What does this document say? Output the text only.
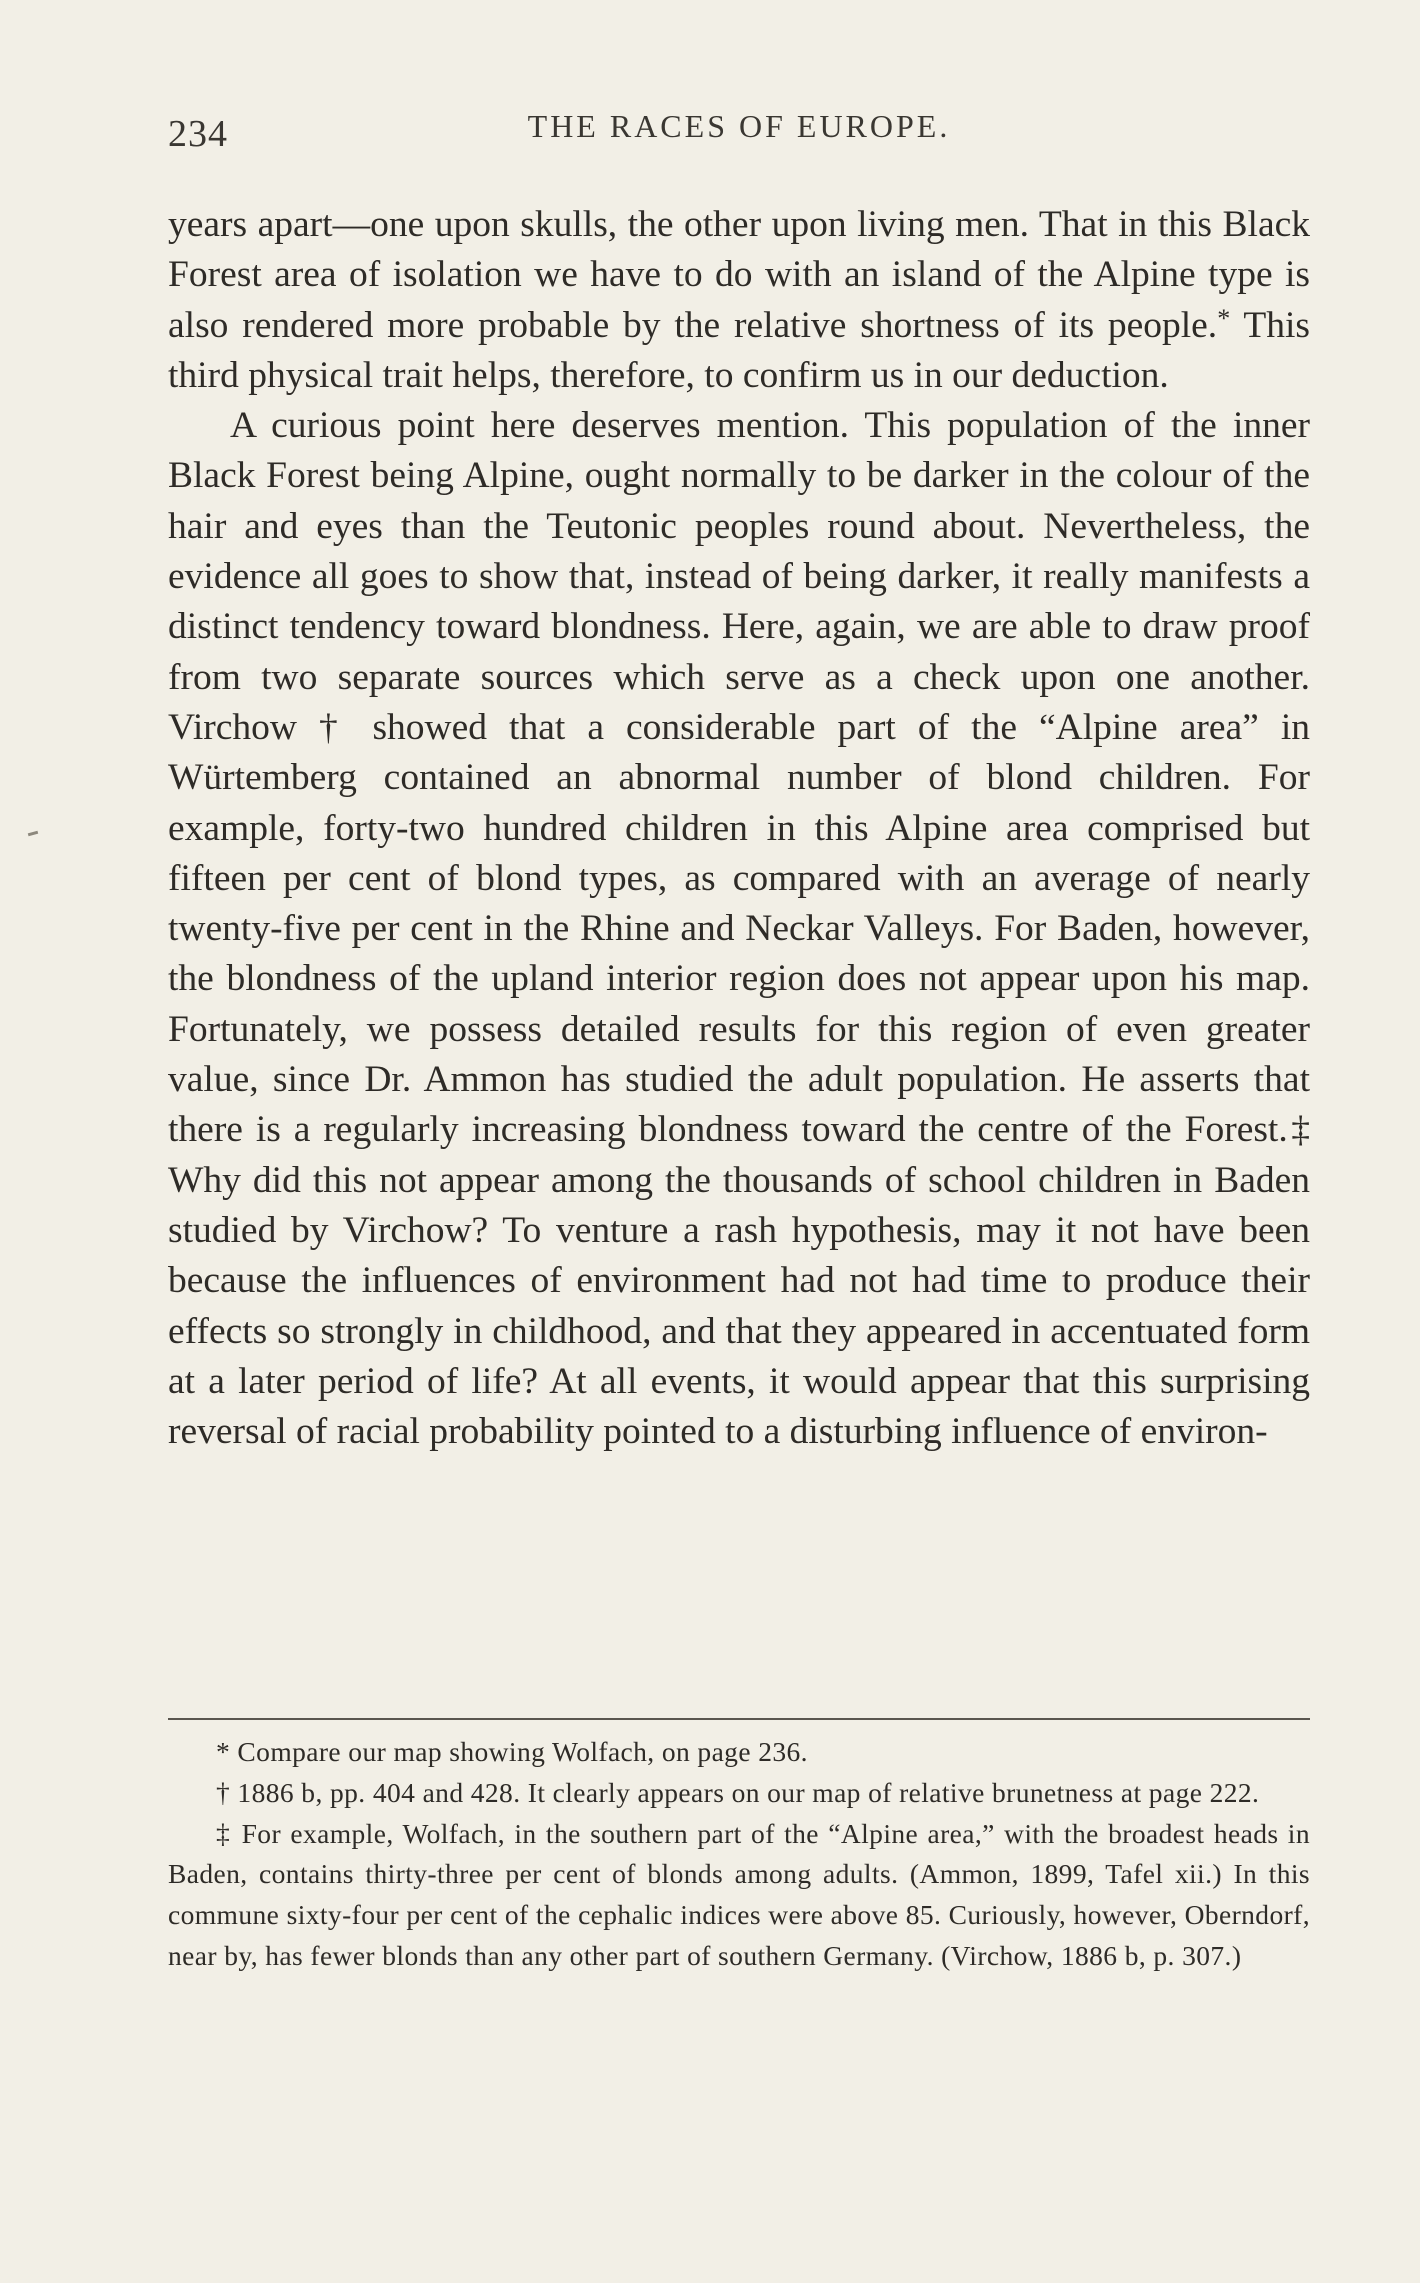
234	THE RACES OF EUROPE.

years apart—one upon skulls, the other upon living men. That in this Black Forest area of isolation we have to do with an island of the Alpine type is also rendered more probable by the relative shortness of its people.* This third physical trait helps, therefore, to confirm us in our deduction.

A curious point here deserves mention. This population of the inner Black Forest being Alpine, ought normally to be darker in the colour of the hair and eyes than the Teutonic peoples round about. Nevertheless, the evidence all goes to show that, instead of being darker, it really manifests a distinct tendency toward blondness. Here, again, we are able to draw proof from two separate sources which serve as a check upon one another. Virchow † showed that a considerable part of the “Alpine area” in Würtemberg contained an abnormal number of blond children. For example, forty-two hundred children in this Alpine area comprised but fifteen per cent of blond types, as compared with an average of nearly twenty-five per cent in the Rhine and Neckar Valleys. For Baden, however, the blondness of the upland interior region does not appear upon his map. Fortunately, we possess detailed results for this region of even greater value, since Dr. Ammon has studied the adult population. He asserts that there is a regularly increasing blondness toward the centre of the Forest.‡ Why did this not appear among the thousands of school children in Baden studied by Virchow? To venture a rash hypothesis, may it not have been because the influences of environment had not had time to produce their effects so strongly in childhood, and that they appeared in accentuated form at a later period of life? At all events, it would appear that this surprising reversal of racial probability pointed to a disturbing influence of environ-

* Compare our map showing Wolfach, on page 236.

† 1886 b, pp. 404 and 428. It clearly appears on our map of relative brunetness at page 222.

‡ For example, Wolfach, in the southern part of the “Alpine area,” with the broadest heads in Baden, contains thirty-three per cent of blonds among adults. (Ammon, 1899, Tafel xii.) In this commune sixty-four per cent of the cephalic indices were above 85. Curiously, however, Oberndorf, near by, has fewer blonds than any other part of southern Germany. (Virchow, 1886 b, p. 307.)
